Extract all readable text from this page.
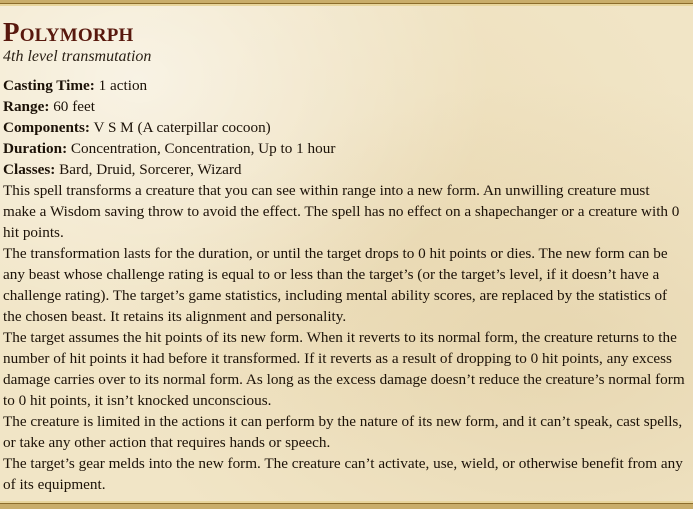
Polymorph

4th level transmutation

Casting Time: 1 action

Range: 60 feet

Components: V S M (A caterpillar cocoon)

Duration: Concentration, Concentration, Up to 1 hour

Classes: Bard, Druid, Sorcerer, Wizard

This spell transforms a creature that you can see within range into a new form. An unwilling creature must make a Wisdom saving throw to avoid the effect. The spell has no effect on a shapechanger or a creature with 0 hit points.

The transformation lasts for the duration, or until the target drops to 0 hit points or dies. The new form can be any beast whose challenge rating is equal to or less than the target’s (or the target’s level, if it doesn’t have a challenge rating). The target’s game statistics, including mental ability scores, are replaced by the statistics of the chosen beast. It retains its alignment and personality.

The target assumes the hit points of its new form. When it reverts to its normal form, the creature returns to the number of hit points it had before it transformed. If it reverts as a result of dropping to 0 hit points, any excess damage carries over to its normal form. As long as the excess damage doesn’t reduce the creature’s normal form to 0 hit points, it isn’t knocked unconscious.

The creature is limited in the actions it can perform by the nature of its new form, and it can’t speak, cast spells, or take any other action that requires hands or speech.

The target’s gear melds into the new form. The creature can’t activate, use, wield, or otherwise benefit from any of its equipment.
